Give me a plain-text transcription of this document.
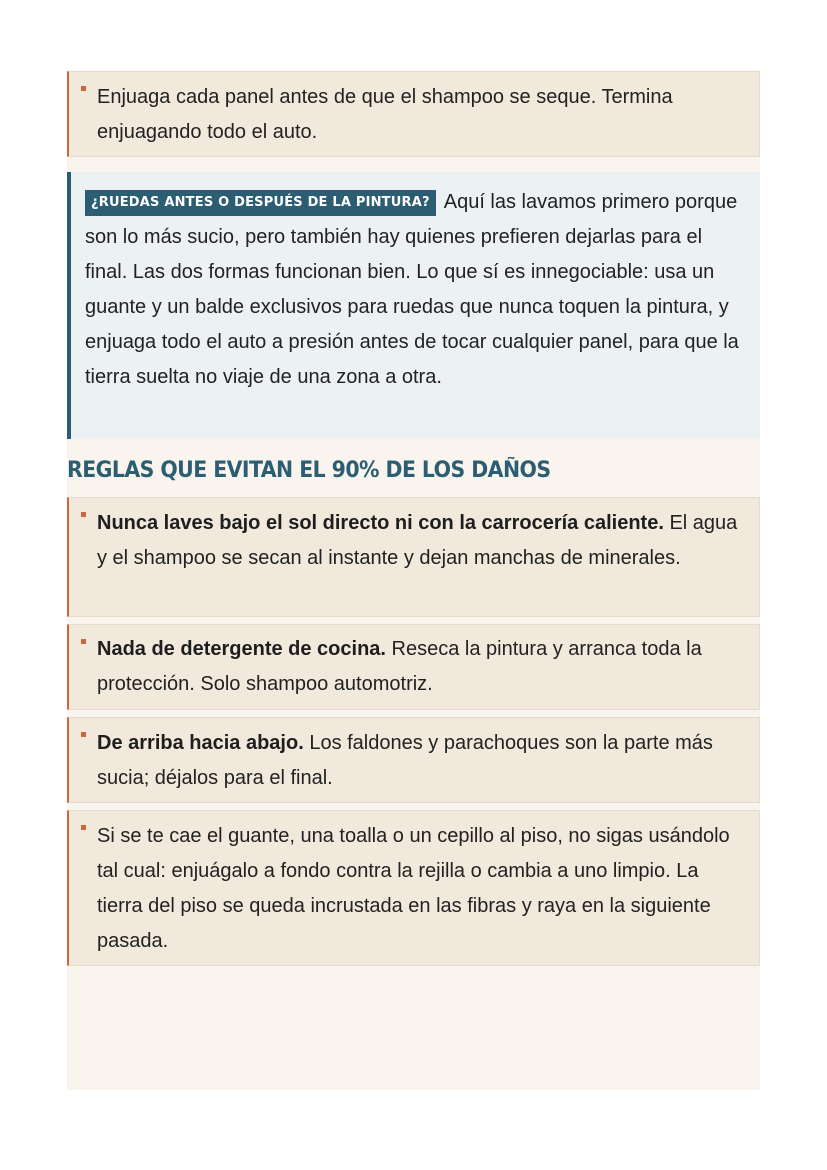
Enjuaga cada panel antes de que el shampoo se seque. Termina enjuagando todo el auto.
¿RUEDAS ANTES O DESPUÉS DE LA PINTURA? Aquí las lavamos primero porque son lo más sucio, pero también hay quienes prefieren dejarlas para el final. Las dos formas funcionan bien. Lo que sí es innegociable: usa un guante y un balde exclusivos para ruedas que nunca toquen la pintura, y enjuaga todo el auto a presión antes de tocar cualquier panel, para que la tierra suelta no viaje de una zona a otra.
REGLAS QUE EVITAN EL 90% DE LOS DAÑOS
Nunca laves bajo el sol directo ni con la carrocería caliente. El agua y el shampoo se secan al instante y dejan manchas de minerales.
Nada de detergente de cocina. Reseca la pintura y arranca toda la protección. Solo shampoo automotriz.
De arriba hacia abajo. Los faldones y parachoques son la parte más sucia; déjalos para el final.
Si se te cae el guante, una toalla o un cepillo al piso, no sigas usándolo tal cual: enjuágalo a fondo contra la rejilla o cambia a uno limpio. La tierra del piso se queda incrustada en las fibras y raya en la siguiente pasada.
